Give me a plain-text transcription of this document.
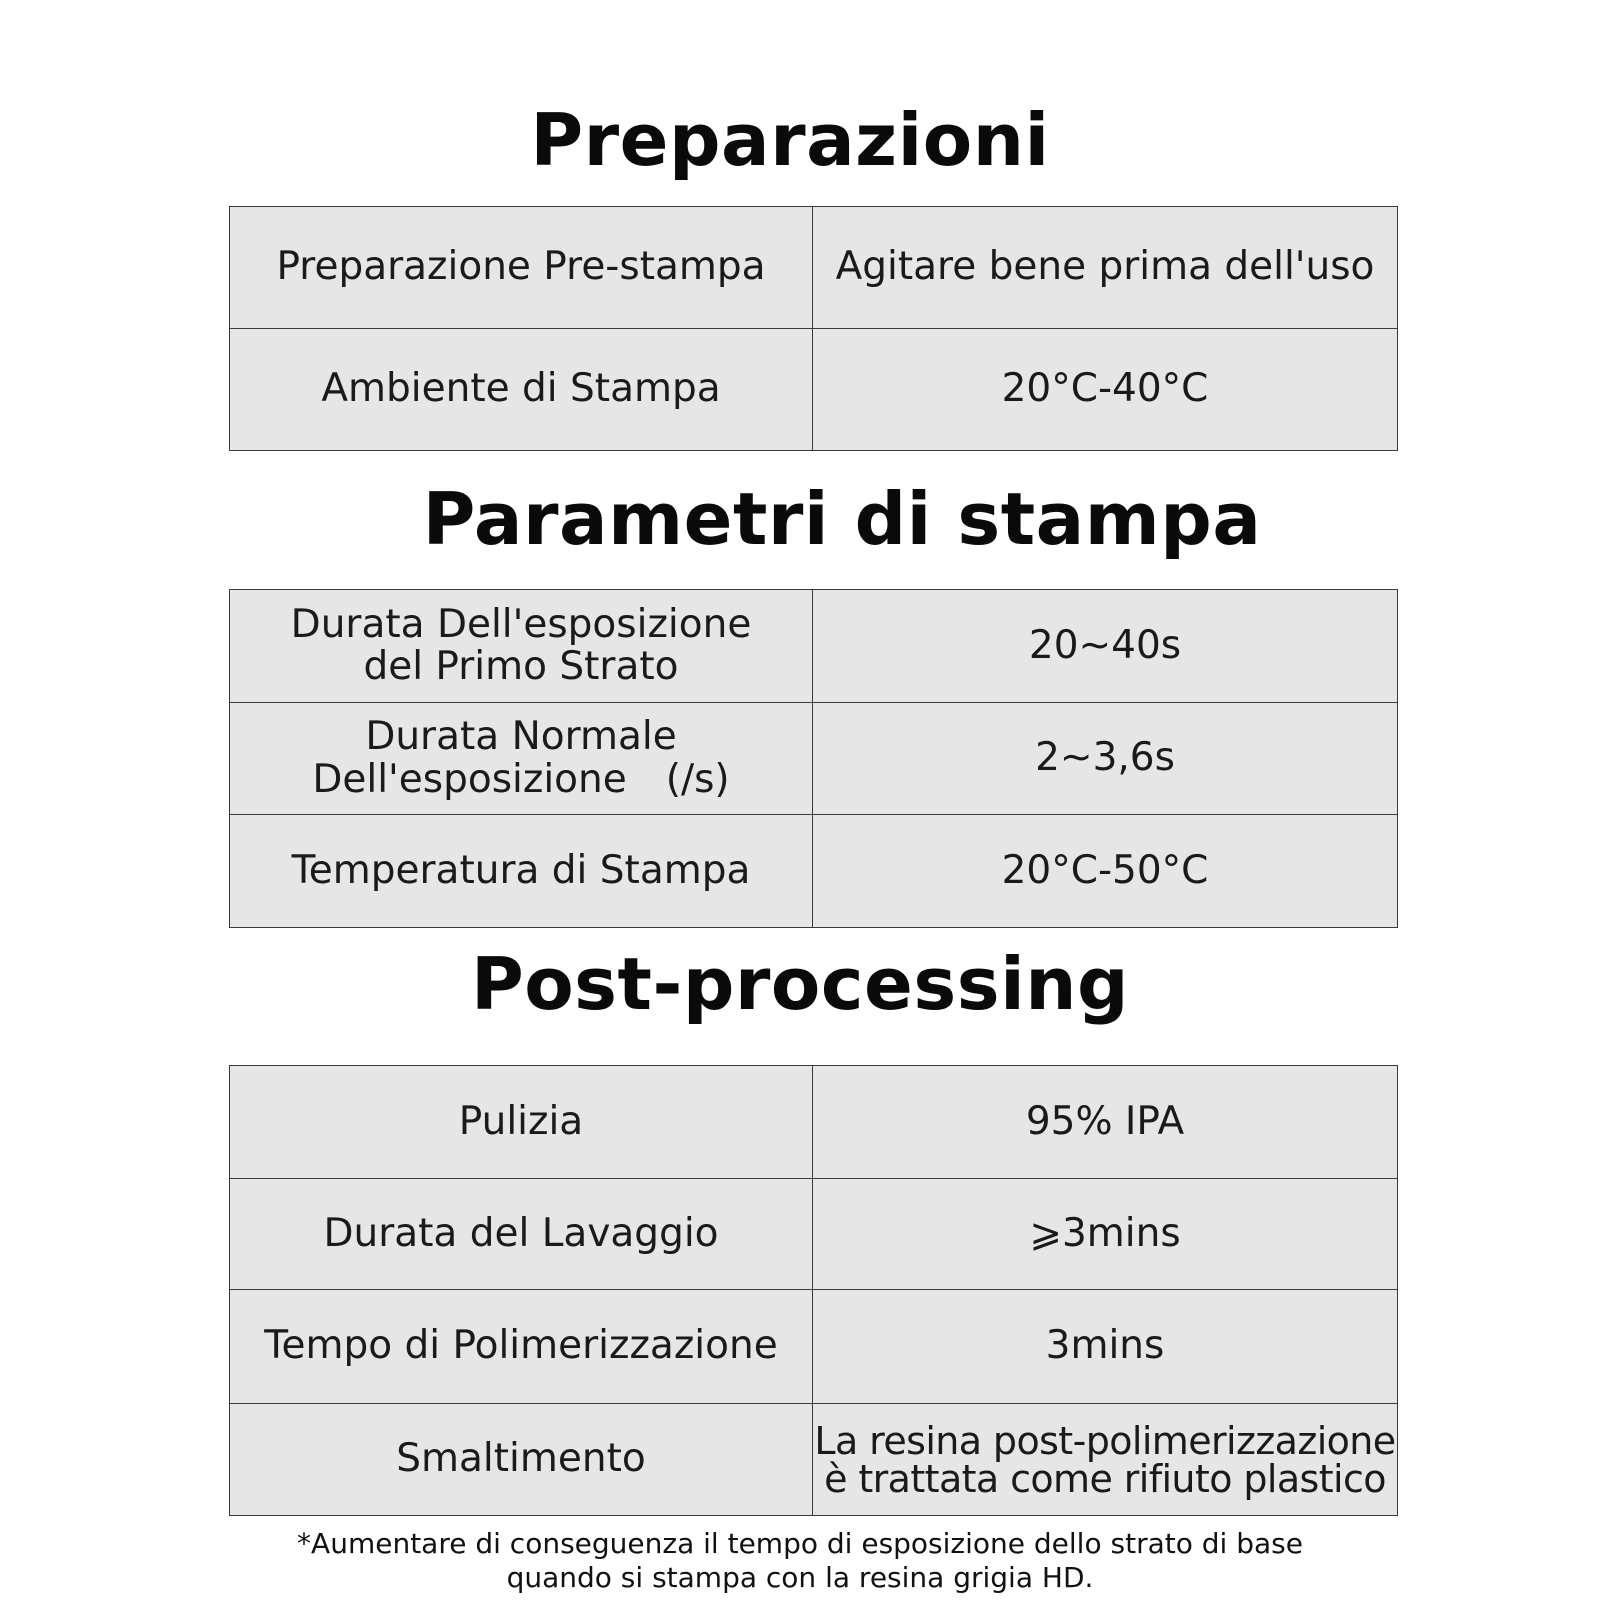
Preparazioni
Preparazione Pre-stampa	Agitare bene prima dell'uso
Ambiente di Stampa	20°C-40°C
Parametri di stampa
Durata Dell'esposizione
del Primo Strato	20~40s

Durata Normale
Dell'esposizione　(/s)	2~3,6s
Temperatura di Stampa	20°C-50°C
Post-processing
Pulizia	95% IPA
Durata del Lavaggio	⩾3mins
Tempo di Polimerizzazione	3mins
Smaltimento	La resina post-polimerizzazione
è trattata come rifiuto plastico
*Aumentare di conseguenza il tempo di esposizione dello strato di base
quando si stampa con la resina grigia HD.
